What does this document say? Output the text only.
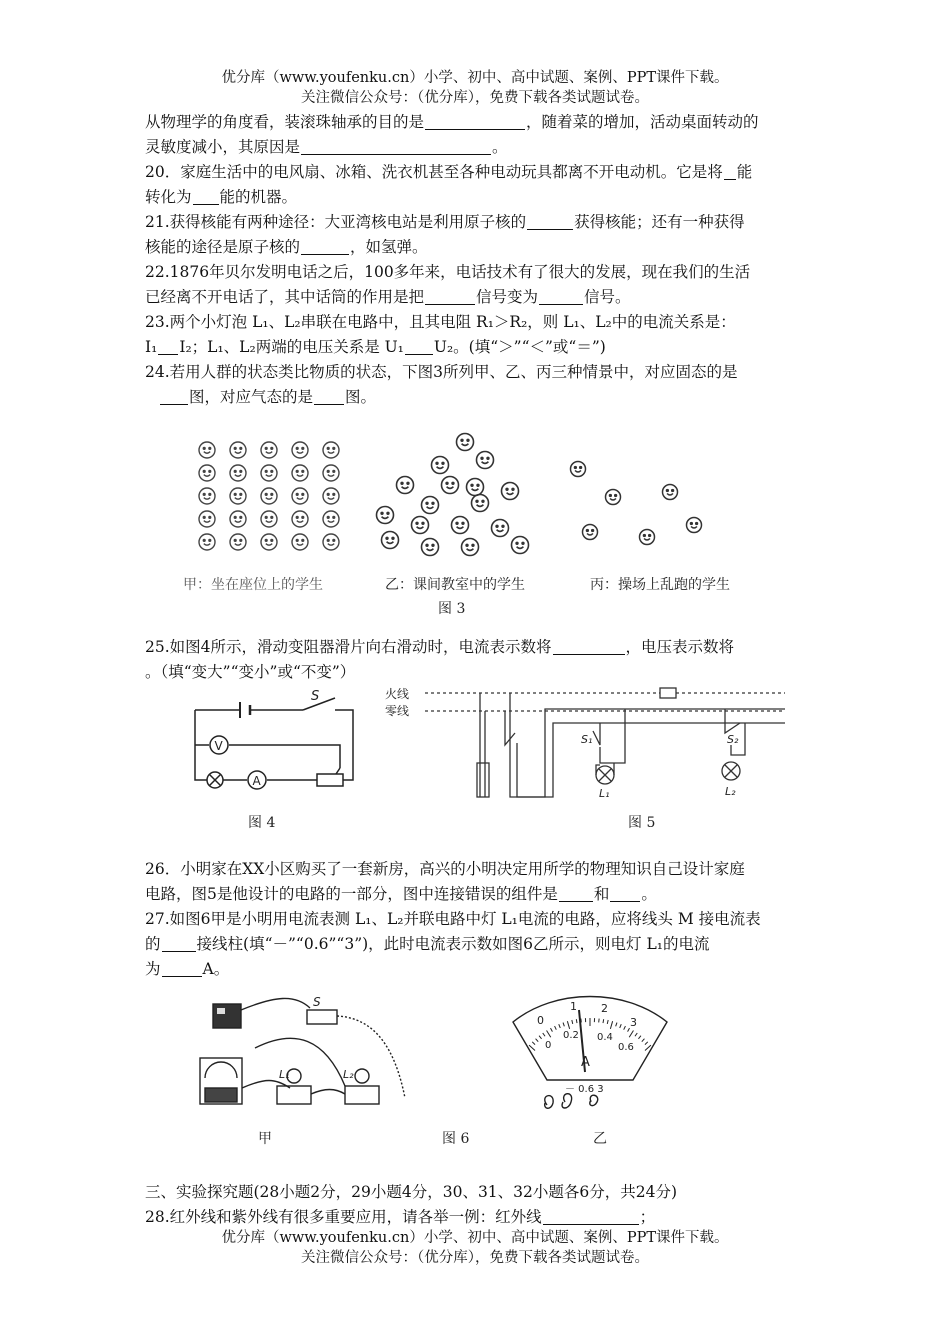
优分库（www.youfenku.cn）小学、初中、高中试题、案例、PPT课件下载。
关注微信公众号：（优分库），免费下载各类试题试卷。
从物理学的角度看，装滚珠轴承的目的是	，随着菜的增加，活动桌面转动的
灵敏度减小，其原因是	。
20．家庭生活中的电风扇、冰箱、洗衣机甚至各种电动玩具都离不开电动机。它是将 能
转化为 能的机器。
21.获得核能有两种途径：大亚湾核电站是利用原子核的	获得核能；还有一种获得
核能的途径是原子核的	，如氢弹。
22.1876年贝尔发明电话之后，100多年来，电话技术有了很大的发展，现在我们的生活
已经离不开电话了，其中话筒的作用是把	信号变为	信号。
23.两个小灯泡 L₁、L₂串联在电路中，且其电阻 R₁＞R₂，则 L₁、L₂中的电流关系是：
I₁ I₂；L₁、L₂两端的电压关系是 U₁ U₂。(填“＞”“＜”或“＝”)
24.若用人群的状态类比物质的状态，下图3所列甲、乙、丙三种情景中，对应固态的是
图，对应气态的是 图。
甲：坐在座位上的学生	乙：课间教室中的学生	丙：操场上乱跑的学生
图 3
25.如图4所示，滑动变阻器滑片向右滑动时，电流表示数将	，电压表示数将
。（填“变大”“变小”或“不变”）
S
V
A
图 4
火线
零线
S₁
L₁
S₂
L₂
图 5
26．小明家在XX小区购买了一套新房，高兴的小明决定用所学的物理知识自己设计家庭
电路，图5是他设计的电路的一部分，图中连接错误的组件是 和 。
27.如图6甲是小明用电流表测 L₁、L₂并联电路中灯 L₁电流的电路，应将线头 M 接电流表
的 接线柱(填“－”“0.6”“3”)，此时电流表示数如图6乙所示，则电灯 L₁的电流
为	A。
S
L₁	L₂
甲	图 6
0
1 2
3
0
0.2 0.4
0.6
A
－ 0.6 3
乙
三、实验探究题(28小题2分，29小题4分，30、31、32小题各6分，共24分)
28.红外线和紫外线有很多重要应用，请各举一例：红外线	；
优分库（www.youfenku.cn）小学、初中、高中试题、案例、PPT课件下载。
关注微信公众号：（优分库），免费下载各类试题试卷。
